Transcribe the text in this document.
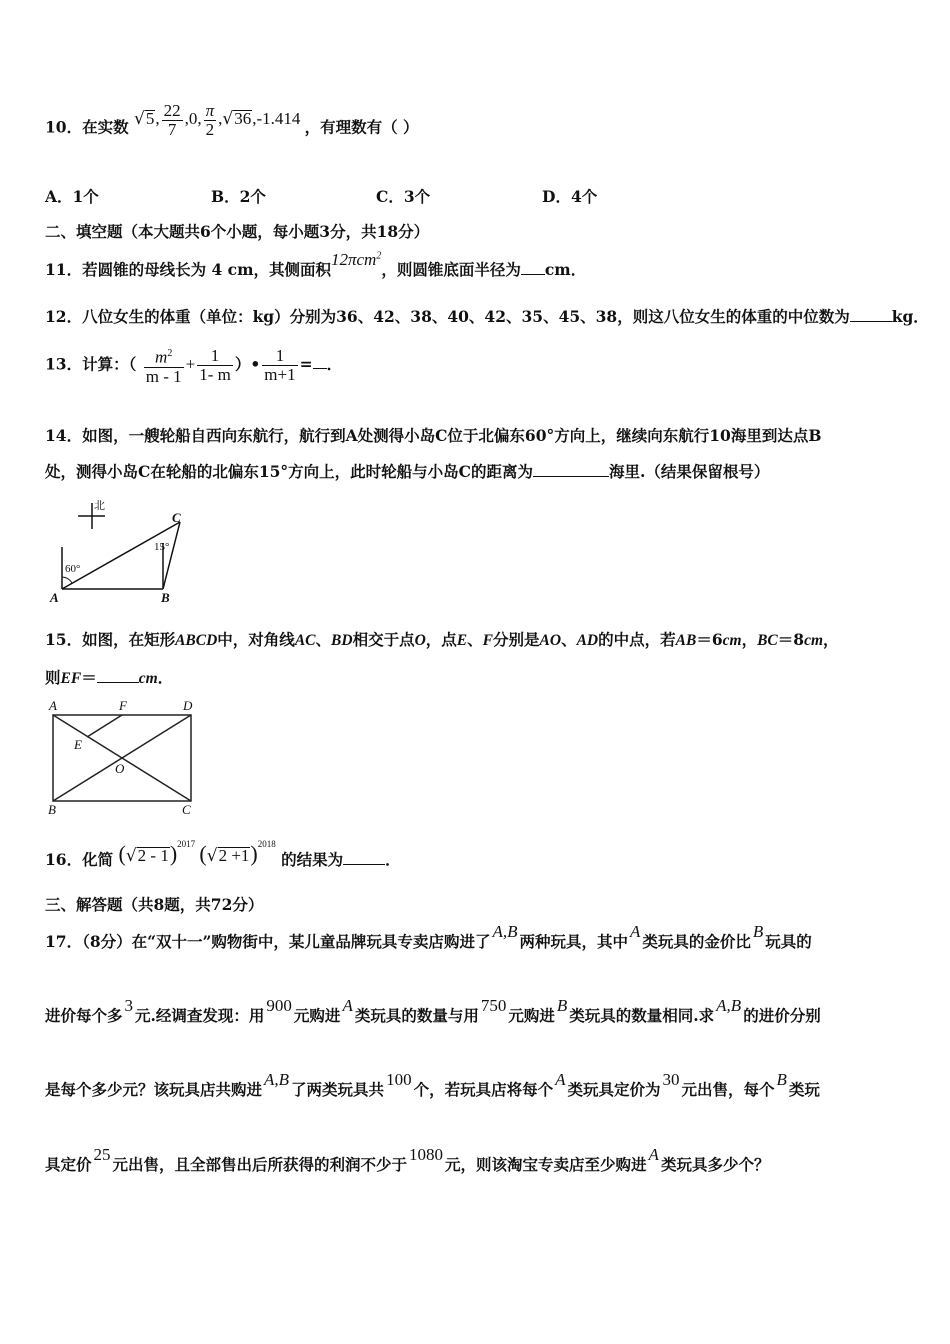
10．在实数 √5, $\frac{22}{7} ,0$, $\frac{\pi}{2} ,√36,-1.414$ ，有理数有（ ）
A．1个	B．2个	C．3个	D．4个
二、填空题（本大题共6个小题，每小题3分，共18分）
11．若圆锥的母线长为 4 cm，其侧面积12πcm$^2$，则圆锥底面半径为 cm．
12．八位女生的体重（单位：kg）分别为36、42、38、40、42、35、45、38，则这八位女生的体重的中位数为	kg．
13．计算：（ $\frac{m^2}{m - 1} + \frac{1}{1- m}$ ）• $\frac{1}{m+1}$ = ．
14．如图，一艘轮船自西向东航行，航行到A处测得小岛C位于北偏东60°方向上，继续向东航行10海里到达点B
处，测得小岛C在轮船的北偏东15°方向上，此时轮船与小岛C的距离为	海里.（结果保留根号）
北
60°
15°
A	B
C
15．如图，在矩形ABCD中，对角线AC、BD相交于点O，点E、F分别是AO、AD的中点，若AB＝6cm，BC＝8cm，
则EF＝	cm．
A	F	D
E
O
B	C
16．化简 (√2 - 1)$^{2017}$ $(√2 +1)^{2018}$ 的结果为	．
三、解答题（共8题，共72分）
17．（8分）在“双十一”购物街中，某儿童品牌玩具专卖店购进了A,B两种玩具，其中A类玩具的金价比B玩具的
进价每个多3元.经调查发现：用900元购进A类玩具的数量与用750元购进B类玩具的数量相同.求A,B的进价分别
是每个多少元？该玩具店共购进A,B了两类玩具共100个，若玩具店将每个A类玩具定价为30元出售，每个B类玩
具定价25元出售，且全部售出后所获得的利润不少于1080元，则该淘宝专卖店至少购进A类玩具多少个？
